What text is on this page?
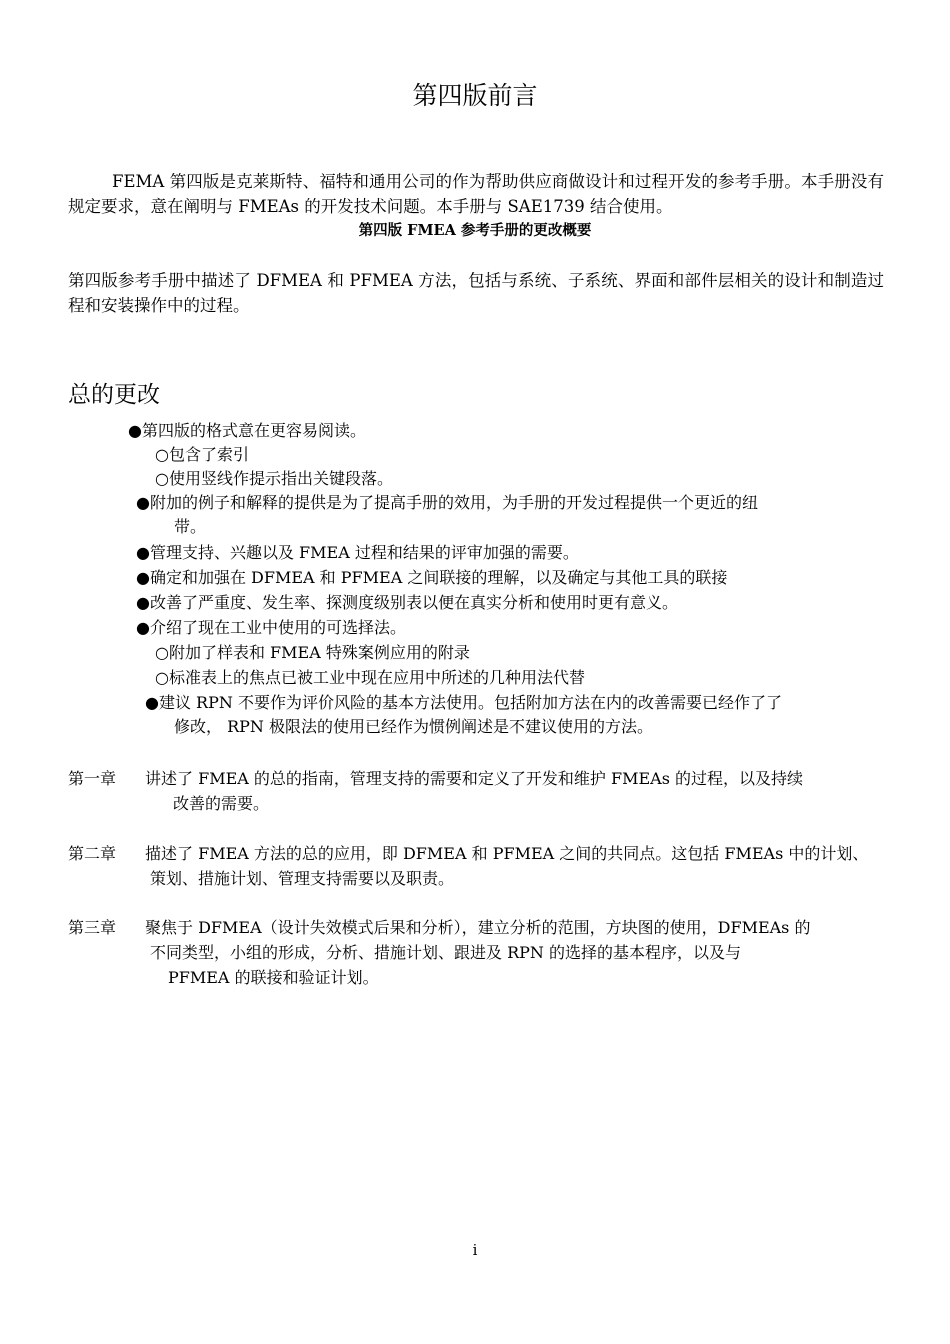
第四版前言
FEMA 第四版是克莱斯特、福特和通用公司的作为帮助供应商做设计和过程开发的参考手册。本手册没有规定要求，意在阐明与 FMEAs 的开发技术问题。本手册与 SAE1739 结合使用。
第四版 FMEA 参考手册的更改概要
第四版参考手册中描述了 DFMEA 和 PFMEA 方法，包括与系统、子系统、界面和部件层相关的设计和制造过程和安装操作中的过程。
总的更改
●第四版的格式意在更容易阅读。
○包含了索引
○使用竖线作提示指出关键段落。
●附加的例子和解释的提供是为了提高手册的效用，为手册的开发过程提供一个更近的纽
带。
●管理支持、兴趣以及 FMEA 过程和结果的评审加强的需要。
●确定和加强在 DFMEA 和 PFMEA 之间联接的理解，以及确定与其他工具的联接
●改善了严重度、发生率、探测度级别表以便在真实分析和使用时更有意义。
●介绍了现在工业中使用的可选择法。
○附加了样表和 FMEA 特殊案例应用的附录
○标准表上的焦点已被工业中现在应用中所述的几种用法代替
●建议 RPN 不要作为评价风险的基本方法使用。包括附加方法在内的改善需要已经作了了
修改， RPN 极限法的使用已经作为惯例阐述是不建议使用的方法。
第一章 讲述了 FMEA 的总的指南，管理支持的需要和定义了开发和维护 FMEAs 的过程，以及持续
改善的需要。
第二章 描述了 FMEA 方法的总的应用，即 DFMEA 和 PFMEA 之间的共同点。这包括 FMEAs 中的计划、
策划、措施计划、管理支持需要以及职责。
第三章 聚焦于 DFMEA（设计失效模式后果和分析），建立分析的范围，方块图的使用，DFMEAs 的
不同类型，小组的形成，分析、措施计划、跟进及 RPN 的选择的基本程序，以及与
PFMEA 的联接和验证计划。
i
